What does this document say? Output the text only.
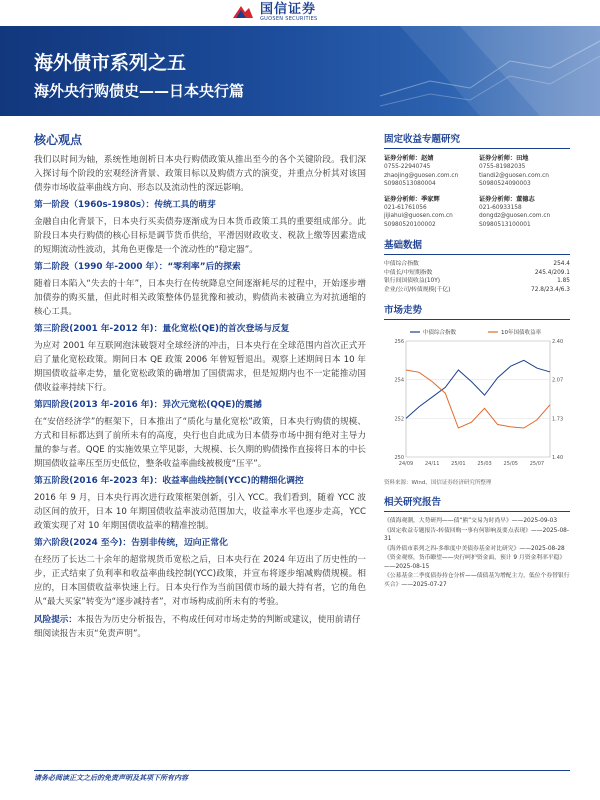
国信证券
GUOSEN SECURITIES
海外债市系列之五
海外央行购债史——日本央行篇
核心观点
我们以时间为轴，系统性地剖析日本央行购债政策从推出至今的各个关键阶段。我们深入探讨每个阶段的宏观经济背景、政策目标以及购债方式的演变，并重点分析其对该国债券市场收益率曲线方向、形态以及流动性的深远影响。
第一阶段（1960s-1980s）：传统工具的萌芽
金融自由化背景下，日本央行买卖债券逐渐成为日本货币政策工具的重要组成部分。此阶段日本央行购债的核心目标是调节货币供给，平滑因财政收支、税款上缴等因素造成的短期流动性波动，其角色更像是一个流动性的“稳定器”。
第二阶段（1990 年-2000 年）：“零利率”后的探索
随着日本陷入“失去的十年”，日本央行在传统降息空间逐渐耗尽的过程中，开始逐步增加债券的购买量，但此时相关政策整体仍显犹豫和被动，购债尚未被确立为对抗通缩的核心工具。
第三阶段(2001 年-2012 年)：量化宽松(QE)的首次登场与反复
为应对 2001 年互联网泡沫破裂对全球经济的冲击，日本央行在全球范围内首次正式开启了量化宽松政策。期间日本 QE 政策 2006 年曾短暂退出。观察上述期间日本 10 年期国债收益率走势，量化宽松政策的确增加了国债需求，但是短期内也不一定能推动国债收益率持续下行。
第四阶段(2013 年-2016 年)：异次元宽松(QQE)的震撼
在“安倍经济学”的框架下，日本推出了“质化与量化宽松”政策，日本央行购债的规模、方式和目标都达到了前所未有的高度，央行也自此成为日本债券市场中拥有绝对主导力量的参与者。QQE 的实施效果立竿见影，大规模、长久期的购债操作直接将日本的中长期国债收益率压至历史低位，整条收益率曲线被极度“压平”。
第五阶段(2016 年-2023 年)：收益率曲线控制(YCC)的精细化调控
2016 年 9 月，日本央行再次进行政策框架创新，引入 YCC。我们看到，随着 YCC 波动区间的放开，日本 10 年期国债收益率波动范围加大，收益率水平也逐步走高，YCC 政策实现了对 10 年期国债收益率的精准控制。
第六阶段(2024 至今)：告别非传统，迈向正常化
在经历了长达二十余年的超常规货币宽松之后，日本央行在 2024 年迈出了历史性的一步，正式结束了负利率和收益率曲线控制(YCC)政策，并宣布将逐步缩减购债规模。相应的，日本国债收益率快速上行。日本央行作为当前国债市场的最大持有者，它的角色从“最大买家”转变为“逐步减持者”，对市场构成前所未有的考验。
风险提示：本报告为历史分析报告，不构成任何对市场走势的判断或建议，使用前请仔细阅读报告末页“免责声明”。
固定收益专题研究
证券分析师：赵婧
0755-22940745
zhaojing@guosen.com.cn
S0980513080004
证券分析师：田地
0755-81982035
tiandi2@guosen.com.cn
S0980524090003
证券分析师：季家辉
021-61761056
jijiahui@guosen.com.cn
S0980520100002
证券分析师：董德志
021-60933158
dongdz@guosen.com.cn
S0980513100001
基础数据
中债综合指数	254.4
中债长/中短期指数	245.4/209.1
银行间国债收益(10Y)	1.85
企业/公司/转债规模(千亿)	72.8/23.4/6.3
市场走势
250	1.40
252	1.73
254	2.07
256	2.40
24/09 24/11 25/01 25/03 25/05 25/07
中债综合指数	10年国债收益率
资料来源：Wind、国信证券经济研究所整理
相关研究报告
《债海观潮，大势研判——债“熊”交易为时尚早》——2025-09-03
《固定收益专题报告-转债回购一事有何影响及要点表现》——2025-08-31
《海外债市系列之四-多维度中美债券基金对比研究》——2025-08-28
《资金观察，货币瞭望——央行呵护资金面，预计 9 月资金利率平稳》——2025-08-15
《公募基金二季度债券持仓分析——债债基为增配主力，低位个券替银行买合》——2025-07-27
请务必阅读正文之后的免责声明及其项下所有内容
